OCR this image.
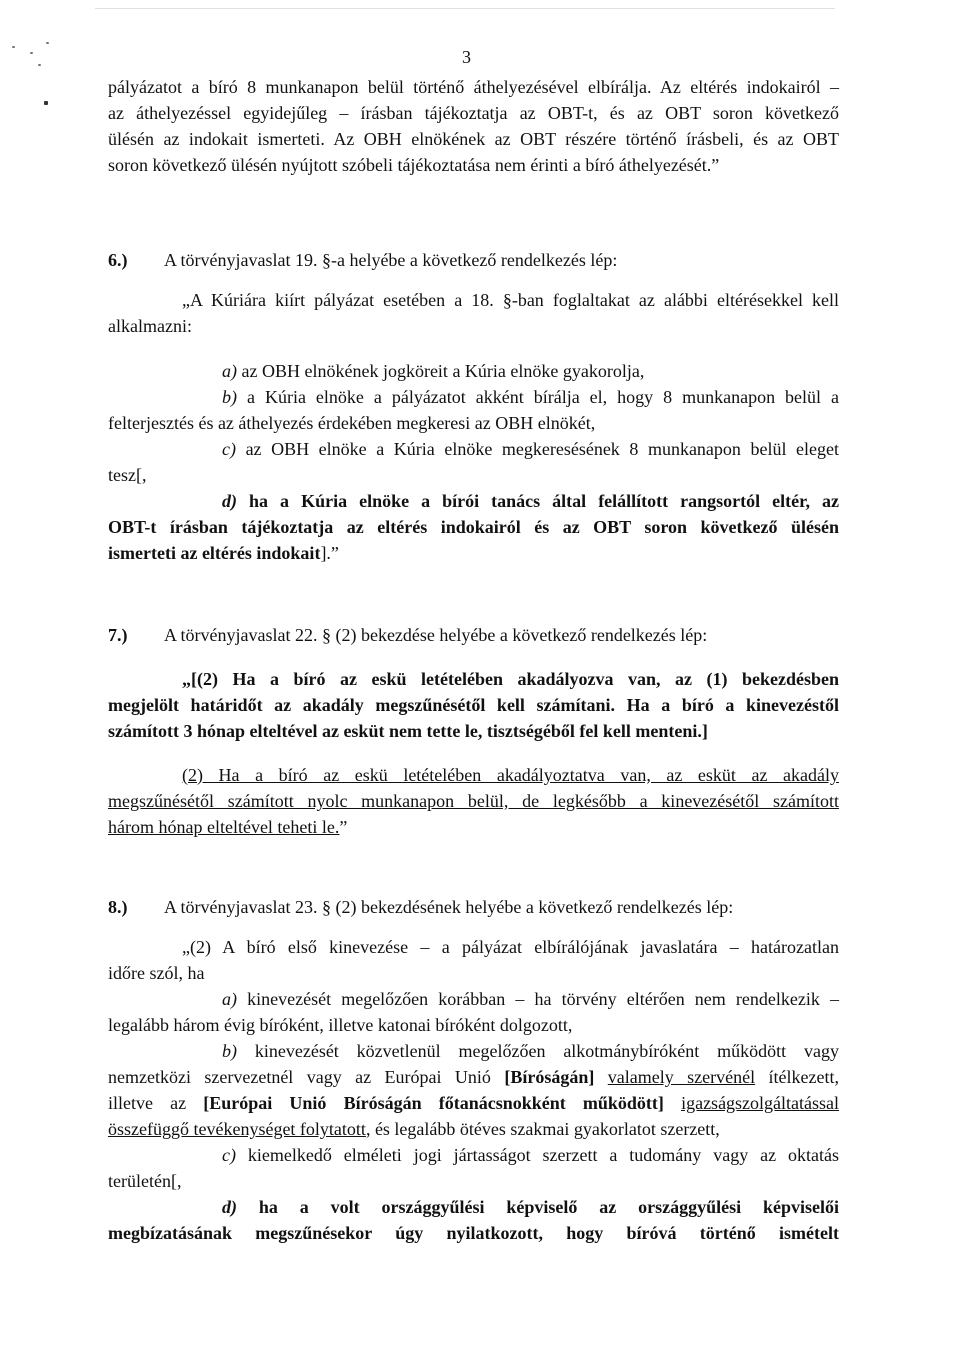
3
pályázatot a bíró 8 munkanapon belül történő áthelyezésével elbírálja. Az eltérés indokairól –
az áthelyezéssel egyidejűleg – írásban tájékoztatja az OBT-t, és az OBT soron következő
ülésén az indokait ismerteti. Az OBH elnökének az OBT részére történő írásbeli, és az OBT
soron következő ülésén nyújtott szóbeli tájékoztatása nem érinti a bíró áthelyezését.”
6.) A törvényjavaslat 19. §-a helyébe a következő rendelkezés lép:
„A Kúriára kiírt pályázat esetében a 18. §-ban foglaltakat az alábbi eltérésekkel kell
alkalmazni:
a) az OBH elnökének jogköreit a Kúria elnöke gyakorolja,
b) a Kúria elnöke a pályázatot akként bírálja el, hogy 8 munkanapon belül a
felterjesztés és az áthelyezés érdekében megkeresi az OBH elnökét,
c) az OBH elnöke a Kúria elnöke megkeresésének 8 munkanapon belül eleget
tesz[,
d) ha a Kúria elnöke a bírói tanács által felállított rangsortól eltér, az
OBT-t írásban tájékoztatja az eltérés indokairól és az OBT soron következő ülésén
ismerteti az eltérés indokait].”
7.) A törvényjavaslat 22. § (2) bekezdése helyébe a következő rendelkezés lép:
„[(2) Ha a bíró az eskü letételében akadályozva van, az (1) bekezdésben
megjelölt határidőt az akadály megszűnésétől kell számítani. Ha a bíró a kinevezéstől
számított 3 hónap elteltével az esküt nem tette le, tisztségéből fel kell menteni.]
(2) Ha a bíró az eskü letételében akadályoztatva van, az esküt az akadály
megszűnésétől számított nyolc munkanapon belül, de legkésőbb a kinevezésétől számított
három hónap elteltével teheti le.”
8.) A törvényjavaslat 23. § (2) bekezdésének helyébe a következő rendelkezés lép:
„(2) A bíró első kinevezése – a pályázat elbírálójának javaslatára – határozatlan
időre szól, ha
a) kinevezését megelőzően korábban – ha törvény eltérően nem rendelkezik –
legalább három évig bíróként, illetve katonai bíróként dolgozott,
b) kinevezését közvetlenül megelőzően alkotmánybíróként működött vagy
nemzetközi szervezetnél vagy az Európai Unió [Bíróságán] valamely szervénél ítélkezett,
illetve az [Európai Unió Bíróságán főtanácsnokként működött] igazságszolgáltatással
összefüggő tevékenységet folytatott, és legalább ötéves szakmai gyakorlatot szerzett,
c) kiemelkedő elméleti jogi jártasságot szerzett a tudomány vagy az oktatás
területén[,
d) ha a volt országgyűlési képviselő az országgyűlési képviselői
megbízatásának megszűnésekor úgy nyilatkozott, hogy bíróvá történő ismételt
